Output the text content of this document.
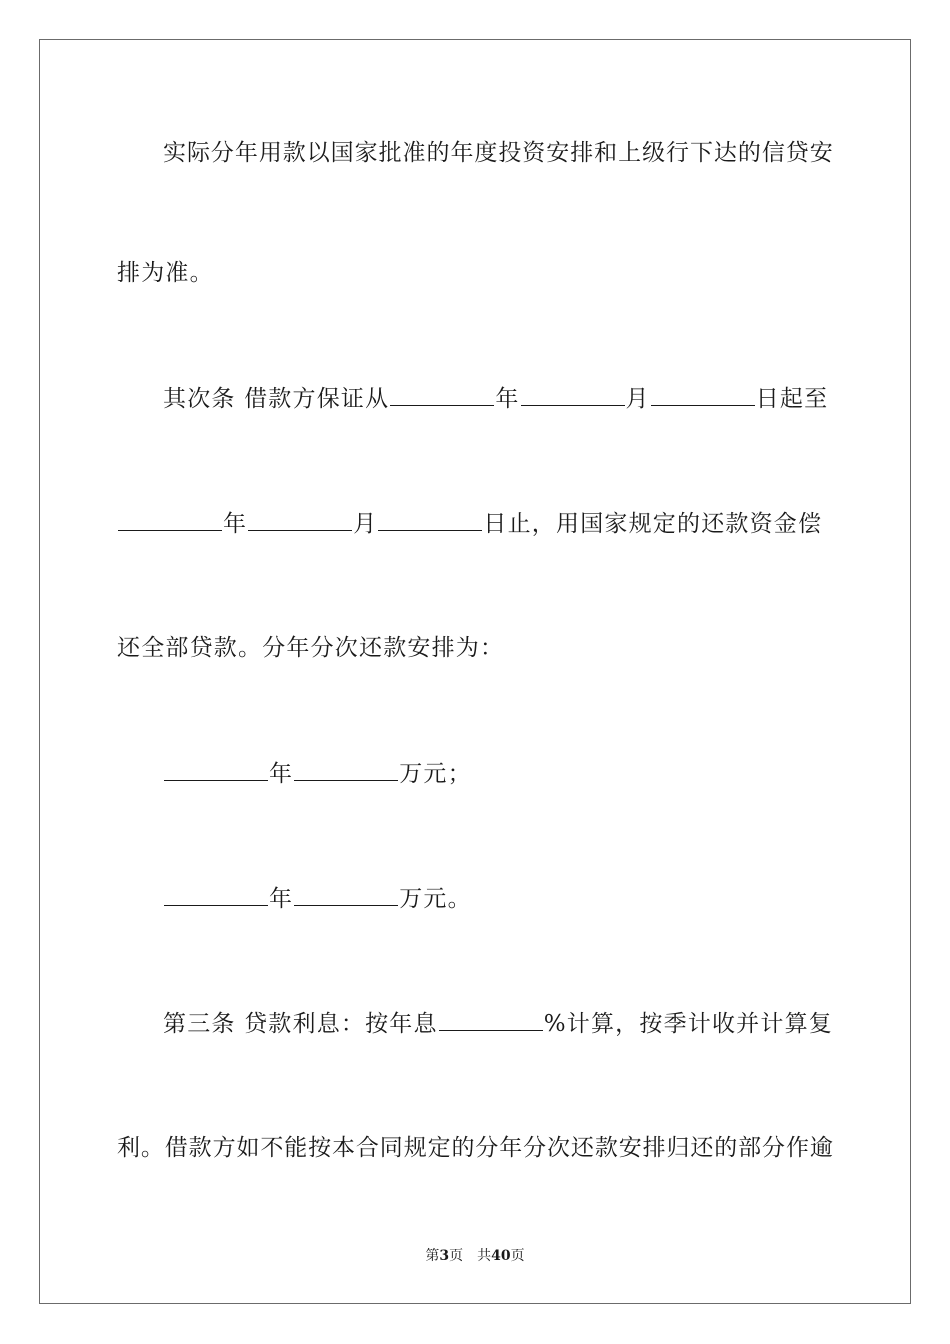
实 际 分 年 用 款 以 国 家 批 准 的 年 度 投 资 安 排 和 上 级 行 下 达 的 信 贷 安
排为准。
其次条 借款方保证从	年	月	日起至
年	月	日止，用国家规定的还款资金偿
还全部贷款。分年分次还款安排为：
年	万元；
年	万元。
第三条 贷款利息：按年息	%计算，按季计收并计算复
利 。 借 款 方 如 不 能 按 本 合 同 规 定 的 分 年 分 次 还 款 安 排 归 还 的 部 分 作 逾
第3页 共40页
